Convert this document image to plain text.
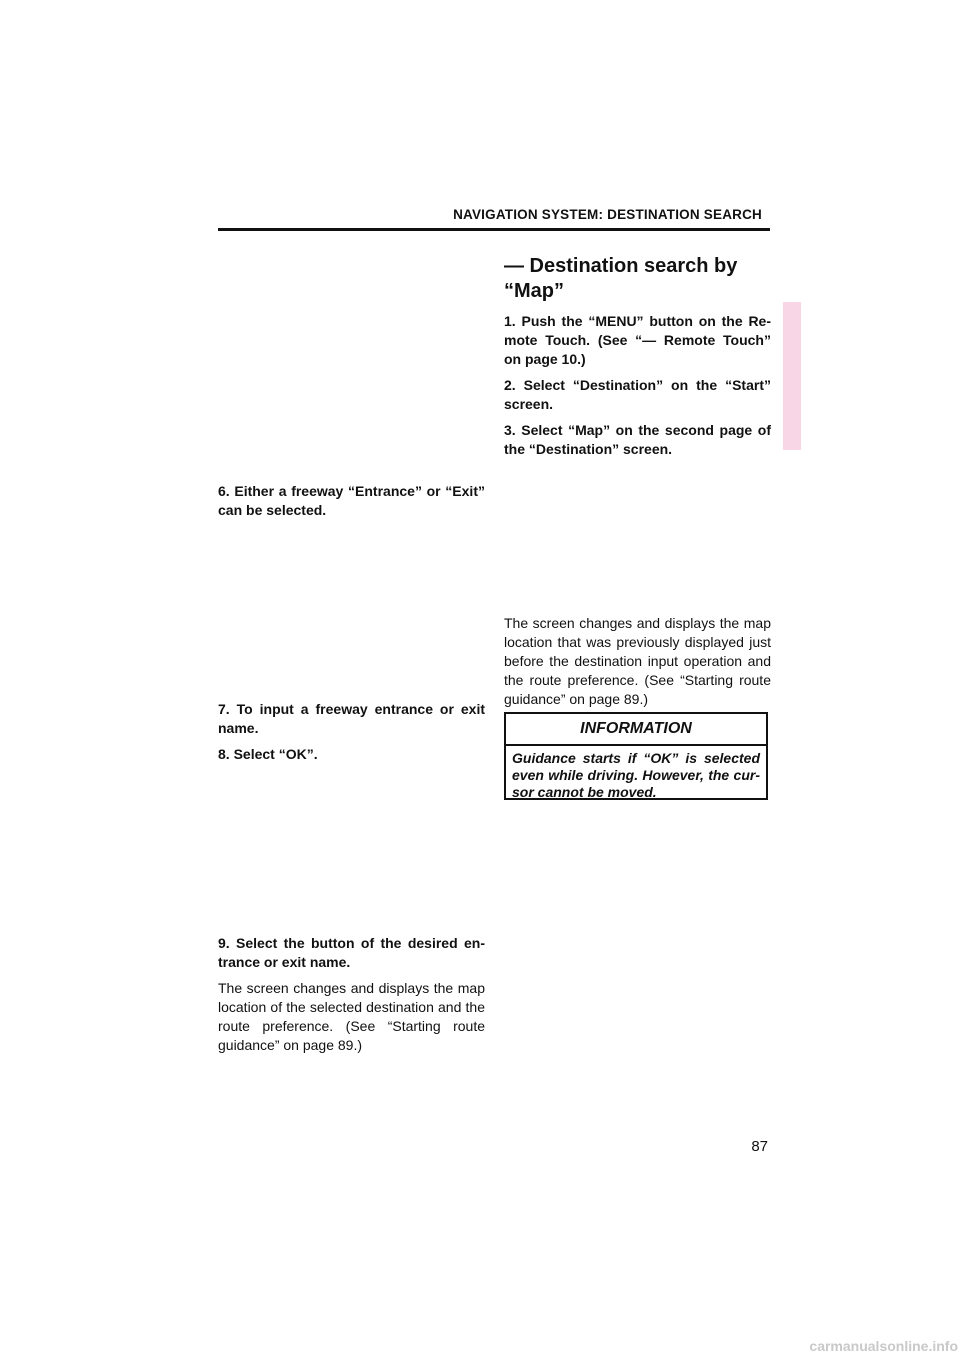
NAVIGATION SYSTEM: DESTINATION SEARCH

6. Either a freeway “Entrance” or “Exit” can be selected.

7. To input a freeway entrance or exit name.

8. Select “OK”.

9. Select the button of the desired en-trance or exit name.

The screen changes and displays the map location of the selected destination and the route preference. (See “Starting route guidance” on page 89.)

— Destination search by “Map”

1. Push the “MENU” button on the Re-mote Touch. (See “— Remote Touch” on page 10.)

2. Select “Destination” on the “Start” screen.

3. Select “Map” on the second page of the “Destination” screen.

The screen changes and displays the map location that was previously displayed just before the destination input operation and the route preference. (See “Starting route guidance” on page 89.)

INFORMATION
Guidance starts if “OK” is selected even while driving. However, the cur-sor cannot be moved.
87
carmanualsonline.info
